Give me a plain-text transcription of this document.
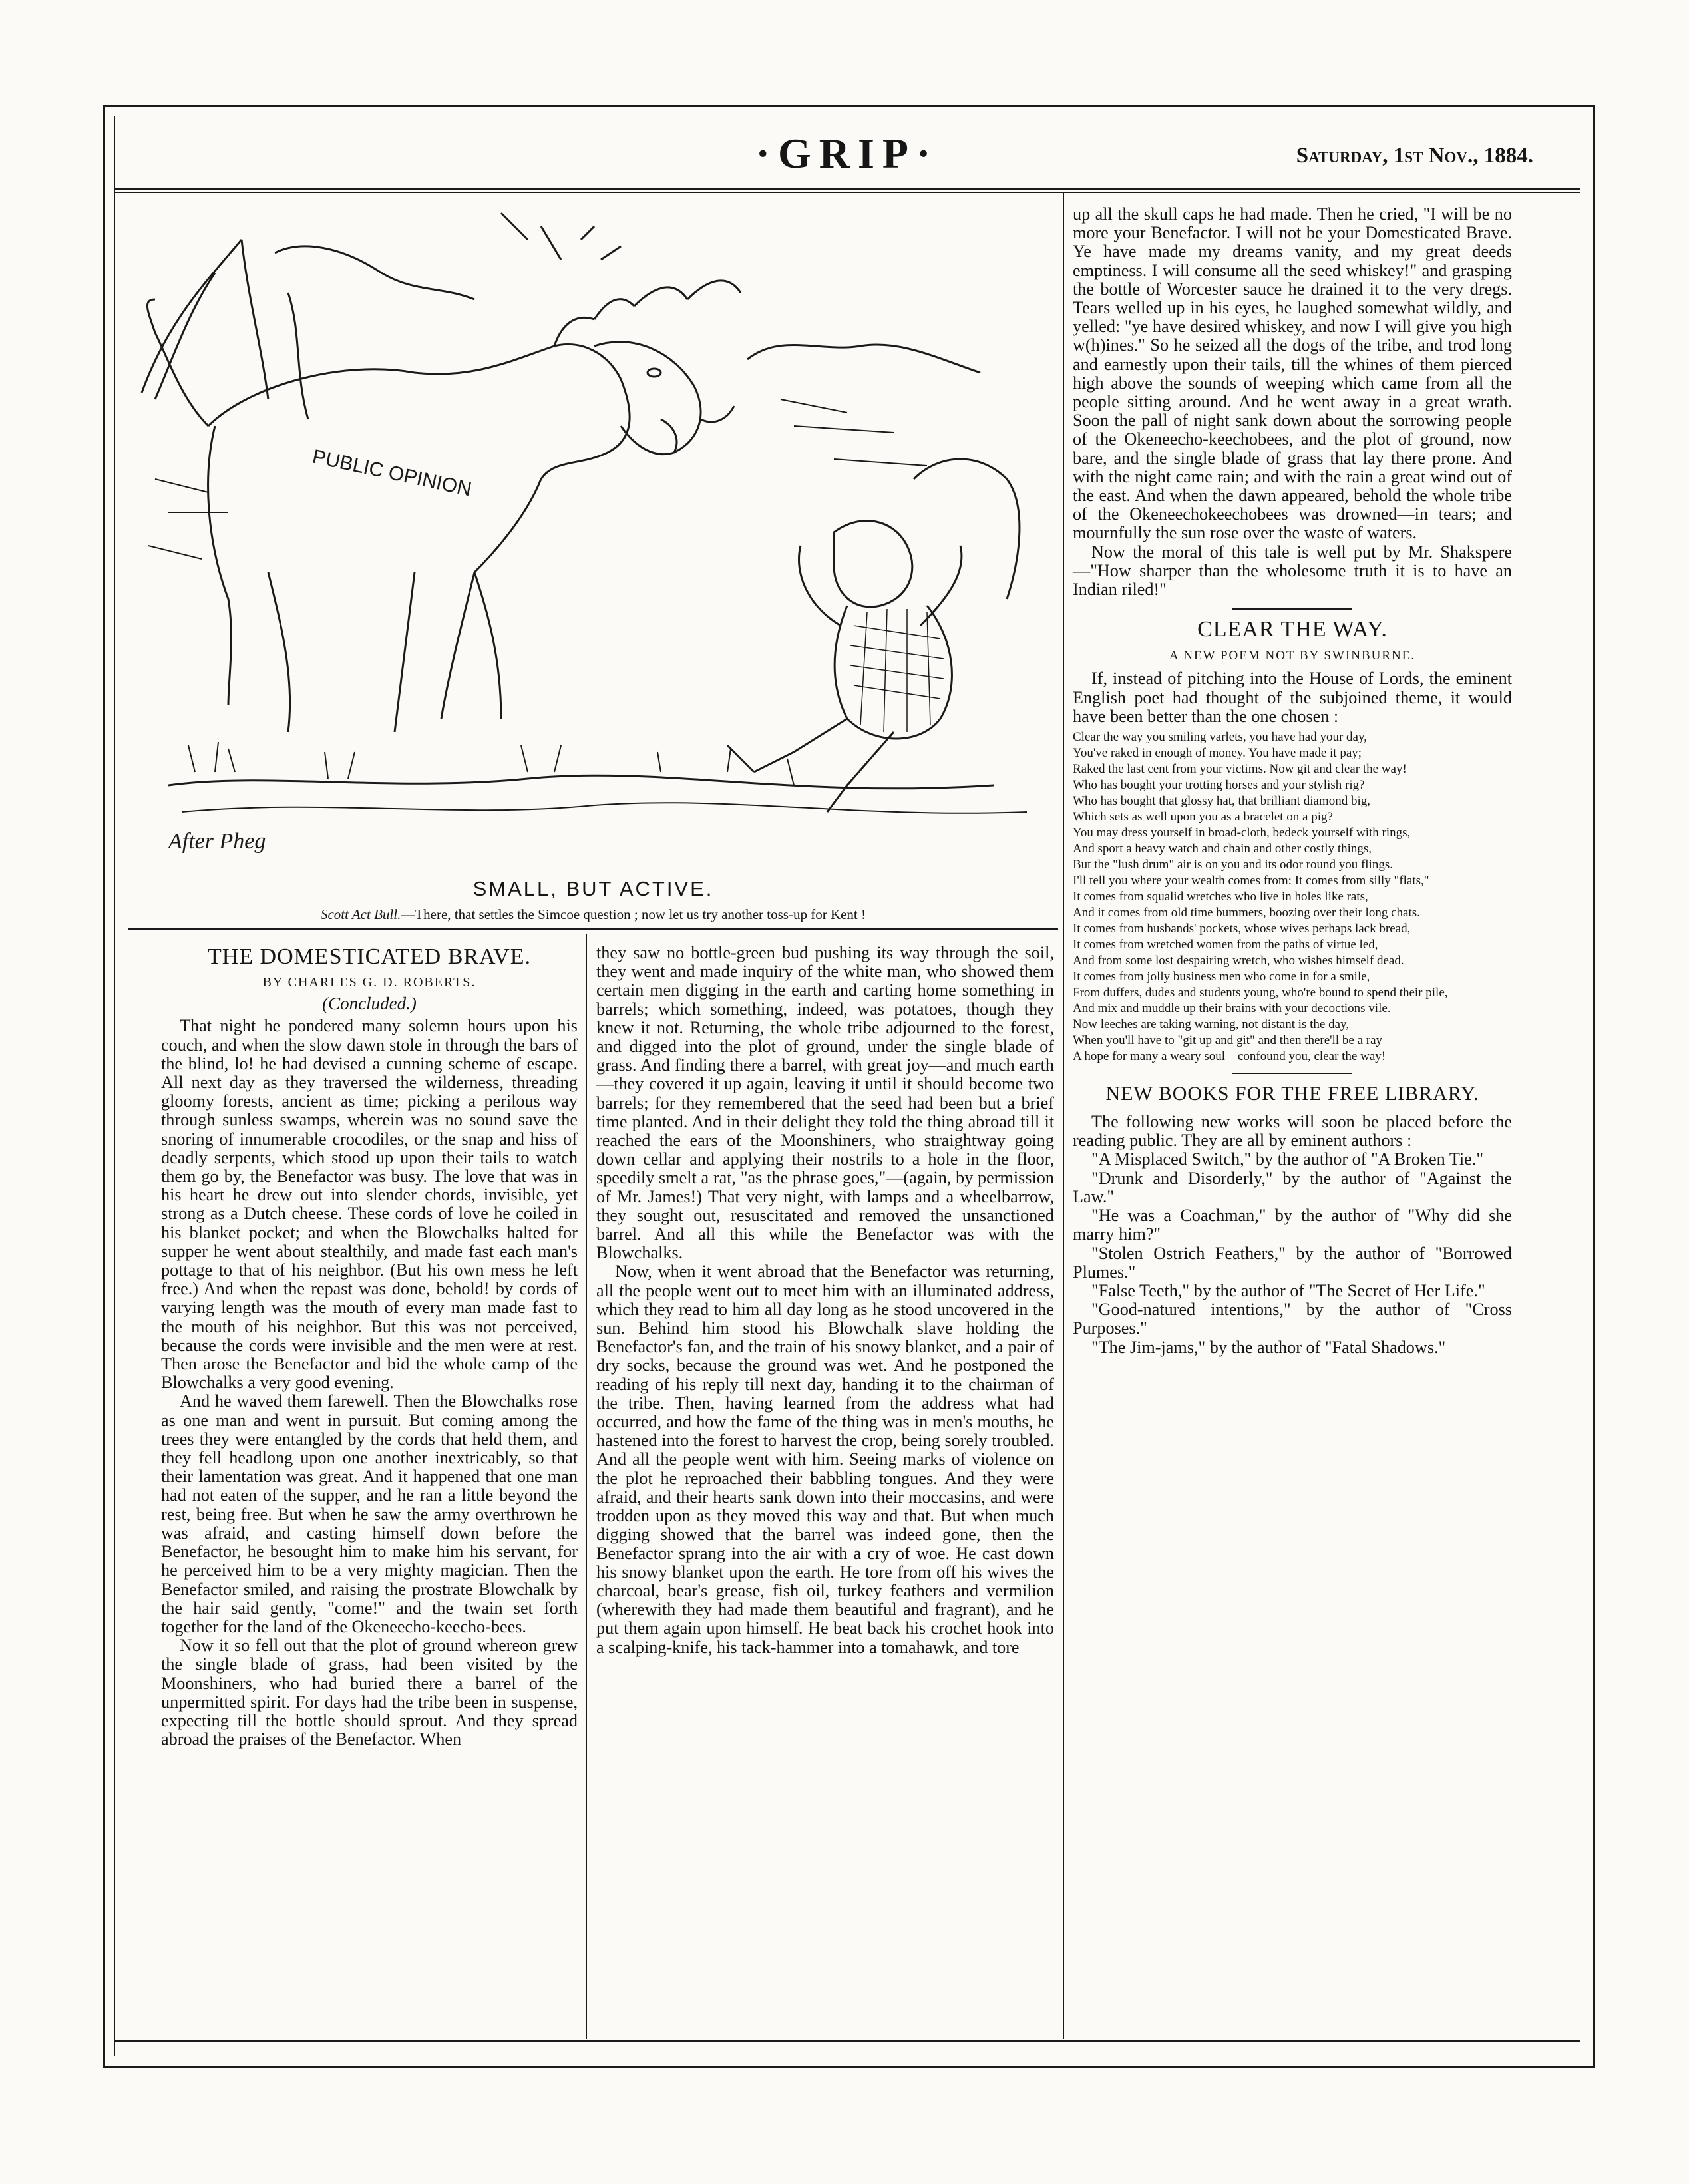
·GRIP·	Saturday, 1st Nov., 1884.
PUBLIC OPINION
After Pheg
SMALL, BUT ACTIVE.
Scott Act Bull.—There, that settles the Simcoe question ; now let us try another toss-up for Kent !
THE DOMESTICATED BRAVE.
BY CHARLES G. D. ROBERTS.
(Concluded.)

That night he pondered many solemn hours upon his couch, and when the slow dawn stole in through the bars of the blind, lo! he had devised a cunning scheme of escape. All next day as they traversed the wilderness, threading gloomy forests, ancient as time; picking a perilous way through sunless swamps, wherein was no sound save the snoring of innumerable crocodiles, or the snap and hiss of deadly serpents, which stood up upon their tails to watch them go by, the Benefactor was busy. The love that was in his heart he drew out into slender chords, invisible, yet strong as a Dutch cheese. These cords of love he coiled in his blanket pocket; and when the Blowchalks halted for supper he went about stealthily, and made fast each man's pottage to that of his neighbor. (But his own mess he left free.) And when the repast was done, behold! by cords of varying length was the mouth of every man made fast to the mouth of his neighbor. But this was not perceived, because the cords were invisible and the men were at rest. Then arose the Benefactor and bid the whole camp of the Blowchalks a very good evening.

And he waved them farewell. Then the Blowchalks rose as one man and went in pursuit. But coming among the trees they were entangled by the cords that held them, and they fell headlong upon one another inextricably, so that their lamentation was great. And it happened that one man had not eaten of the supper, and he ran a little beyond the rest, being free. But when he saw the army overthrown he was afraid, and casting himself down before the Benefactor, he besought him to make him his servant, for he perceived him to be a very mighty magician. Then the Benefactor smiled, and raising the prostrate Blowchalk by the hair said gently, "come!" and the twain set forth together for the land of the Okeneecho-keecho-bees.

Now it so fell out that the plot of ground whereon grew the single blade of grass, had been visited by the Moonshiners, who had buried there a barrel of the unpermitted spirit. For days had the tribe been in suspense, expecting till the bottle should sprout. And they spread abroad the praises of the Benefactor. When

they saw no bottle-green bud pushing its way through the soil, they went and made inquiry of the white man, who showed them certain men digging in the earth and carting home something in barrels; which something, indeed, was potatoes, though they knew it not. Returning, the whole tribe adjourned to the forest, and digged into the plot of ground, under the single blade of grass. And finding there a barrel, with great joy—and much earth—they covered it up again, leaving it until it should become two barrels; for they remembered that the seed had been but a brief time planted. And in their delight they told the thing abroad till it reached the ears of the Moonshiners, who straightway going down cellar and applying their nostrils to a hole in the floor, speedily smelt a rat, "as the phrase goes,"—(again, by permission of Mr. James!) That very night, with lamps and a wheelbarrow, they sought out, resuscitated and removed the unsanctioned barrel. And all this while the Benefactor was with the Blowchalks.

Now, when it went abroad that the Benefactor was returning, all the people went out to meet him with an illuminated address, which they read to him all day long as he stood uncovered in the sun. Behind him stood his Blowchalk slave holding the Benefactor's fan, and the train of his snowy blanket, and a pair of dry socks, because the ground was wet. And he postponed the reading of his reply till next day, handing it to the chairman of the tribe. Then, having learned from the address what had occurred, and how the fame of the thing was in men's mouths, he hastened into the forest to harvest the crop, being sorely troubled. And all the people went with him. Seeing marks of violence on the plot he reproached their babbling tongues. And they were afraid, and their hearts sank down into their moccasins, and were trodden upon as they moved this way and that. But when much digging showed that the barrel was indeed gone, then the Benefactor sprang into the air with a cry of woe. He cast down his snowy blanket upon the earth. He tore from off his wives the charcoal, bear's grease, fish oil, turkey feathers and vermilion (wherewith they had made them beautiful and fragrant), and he put them again upon himself. He beat back his crochet hook into a scalping-knife, his tack-hammer into a tomahawk, and tore

up all the skull caps he had made. Then he cried, "I will be no more your Benefactor. I will not be your Domesticated Brave. Ye have made my dreams vanity, and my great deeds emptiness. I will consume all the seed whiskey!" and grasping the bottle of Worcester sauce he drained it to the very dregs. Tears welled up in his eyes, he laughed somewhat wildly, and yelled: "ye have desired whiskey, and now I will give you high w(h)ines." So he seized all the dogs of the tribe, and trod long and earnestly upon their tails, till the whines of them pierced high above the sounds of weeping which came from all the people sitting around. And he went away in a great wrath. Soon the pall of night sank down about the sorrowing people of the Okeneecho-keechobees, and the plot of ground, now bare, and the single blade of grass that lay there prone. And with the night came rain; and with the rain a great wind out of the east. And when the dawn appeared, behold the whole tribe of the Okeneechokeechobees was drowned—in tears; and mournfully the sun rose over the waste of waters.

Now the moral of this tale is well put by Mr. Shakspere—"How sharper than the wholesome truth it is to have an Indian riled!"

CLEAR THE WAY.
A NEW POEM NOT BY SWINBURNE.

If, instead of pitching into the House of Lords, the eminent English poet had thought of the subjoined theme, it would have been better than the one chosen :

Clear the way you smiling varlets, you have had your day,
You've raked in enough of money. You have made it pay;
Raked the last cent from your victims. Now git and clear the way!
Who has bought your trotting horses and your stylish rig?
Who has bought that glossy hat, that brilliant diamond big,
Which sets as well upon you as a bracelet on a pig?
You may dress yourself in broad-cloth, bedeck yourself with rings,
And sport a heavy watch and chain and other costly things,
But the "lush drum" air is on you and its odor round you flings.
I'll tell you where your wealth comes from: It comes from silly "flats,"
It comes from squalid wretches who live in holes like rats,
And it comes from old time bummers, boozing over their long chats.
It comes from husbands' pockets, whose wives perhaps lack bread,
It comes from wretched women from the paths of virtue led,
And from some lost despairing wretch, who wishes himself dead.
It comes from jolly business men who come in for a smile,
From duffers, dudes and students young, who're bound to spend their pile,
And mix and muddle up their brains with your decoctions vile.
Now leeches are taking warning, not distant is the day,
When you'll have to "git up and git" and then there'll be a ray—
A hope for many a weary soul—confound you, clear the way!
NEW BOOKS FOR THE FREE LIBRARY.

The following new works will soon be placed before the reading public. They are all by eminent authors :

"A Misplaced Switch," by the author of "A Broken Tie."

"Drunk and Disorderly," by the author of "Against the Law."

"He was a Coachman," by the author of "Why did she marry him?"

"Stolen Ostrich Feathers," by the author of "Borrowed Plumes."

"False Teeth," by the author of "The Secret of Her Life."

"Good-natured intentions," by the author of "Cross Purposes."

"The Jim-jams," by the author of "Fatal Shadows."
